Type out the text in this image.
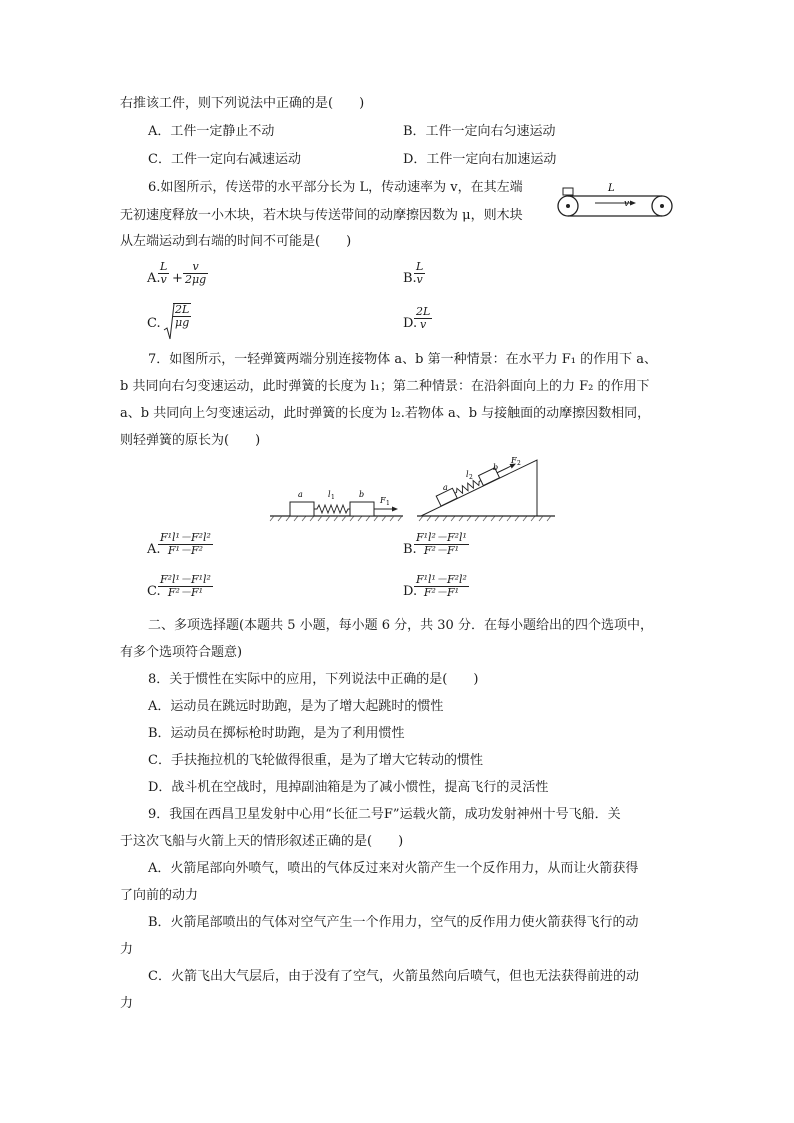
右推该工件，则下列说法中正确的是(　　)
A．工件一定静止不动	B．工件一定向右匀速运动
C．工件一定向右减速运动	D．工件一定向右加速运动
6.如图所示，传送带的水平部分长为 L，传动速率为 v，在其左端
无初速度释放一小木块，若木块与传送带间的动摩擦因数为 μ，则木块
从左端运动到右端的时间不可能是(　　)
L
v
A.
$\frac{L}{v} + \frac{v}{2\mu g}$	B.
$\frac{L}{v}$
C. $\frac{2L}{\mu g}$	D.
$\frac{2L}{v}$
7．如图所示，一轻弹簧两端分别连接物体 a、b 第一种情景：在水平力 F₁ 的作用下 a、
b 共同向右匀变速运动，此时弹簧的长度为 l₁；第二种情景：在沿斜面向上的力 F₂ 的作用下
a、b 共同向上匀变速运动，此时弹簧的长度为 l₂.若物体 a、b 与接触面的动摩擦因数相同，
则轻弹簧的原长为(　　)
a	l 1	b
F 1
a
l 2
b
F 2
A.
$\frac{\text{F¹l¹－F²l²}}{\text{F¹－F²}}$	B.
$\frac{\text{F¹l²－F²l¹}}{\text{F²－F¹}}$
C.
$\frac{\text{F²l¹－F¹l²}}{\text{F²－F¹}}$	D.
$\frac{\text{F¹l¹－F²l²}}{\text{F²－F¹}}$
二、多项选择题(本题共 5 小题，每小题 6 分，共 30 分．在每小题给出的四个选项中，
有多个选项符合题意)
8．关于惯性在实际中的应用，下列说法中正确的是(　　)
A．运动员在跳远时助跑，是为了增大起跳时的惯性
B．运动员在掷标枪时助跑，是为了利用惯性
C．手扶拖拉机的飞轮做得很重，是为了增大它转动的惯性
D．战斗机在空战时，甩掉副油箱是为了减小惯性，提高飞行的灵活性
9．我国在西昌卫星发射中心用“长征二号F”运载火箭，成功发射神州十号飞船．关
于这次飞船与火箭上天的情形叙述正确的是(　　)
A．火箭尾部向外喷气，喷出的气体反过来对火箭产生一个反作用力，从而让火箭获得
了向前的动力
B．火箭尾部喷出的气体对空气产生一个作用力，空气的反作用力使火箭获得飞行的动
力
C．火箭飞出大气层后，由于没有了空气，火箭虽然向后喷气，但也无法获得前进的动
力
